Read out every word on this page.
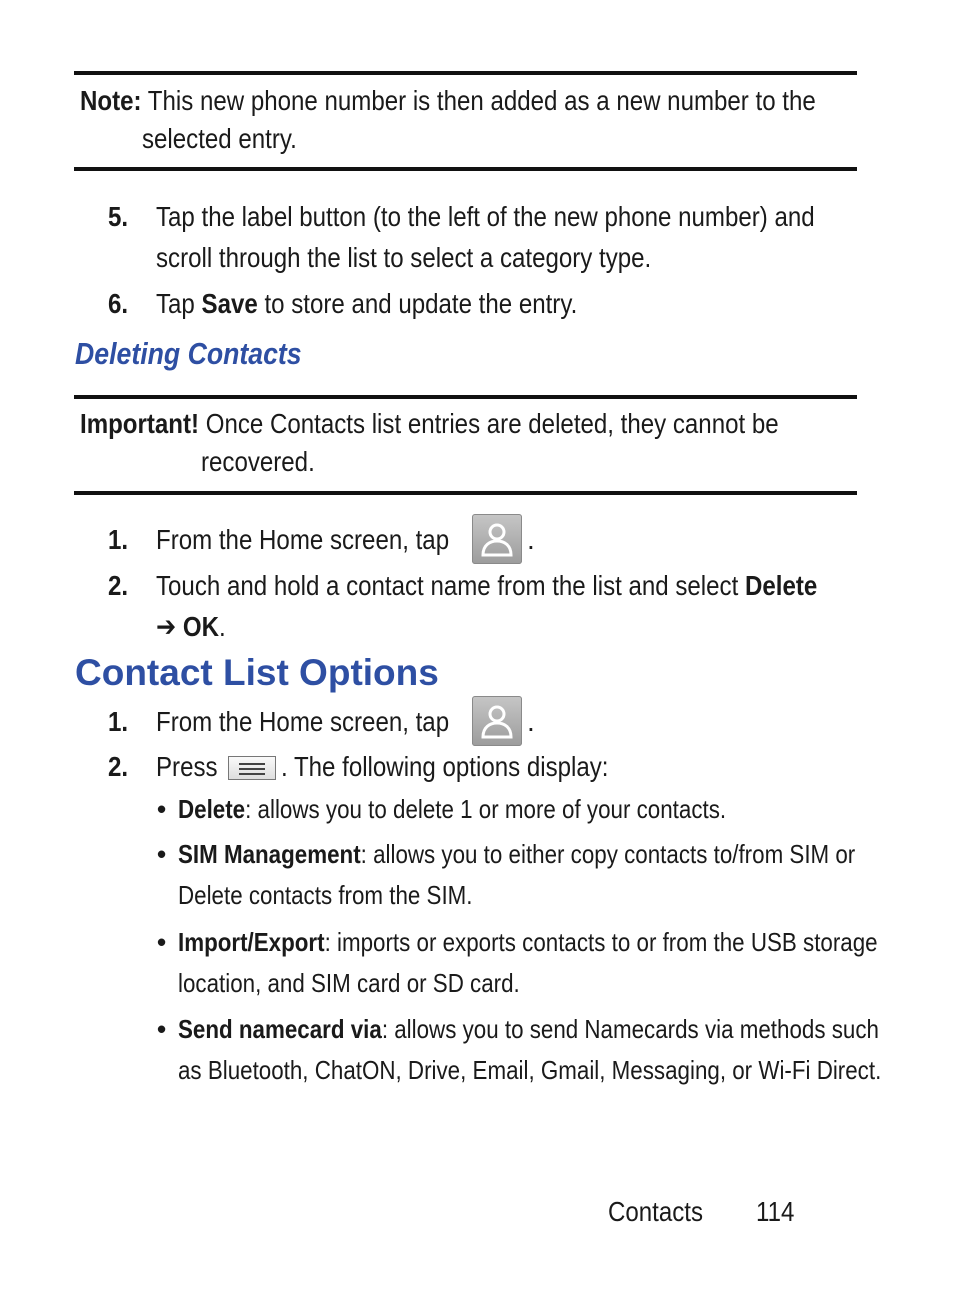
Note: This new phone number is then added as a new number to the

selected entry.
5. Tap the label button (to the left of the new phone number) and
scroll through the list to select a category type.
6. Tap Save to store and update the entry.
Deleting Contacts
Important! Once Contacts list entries are deleted, they cannot be

recovered.
1. From the Home screen, tap	.
2. Touch and hold a contact name from the list and select Delete
➔ OK.
Contact List Options
1. From the Home screen, tap	.
2. Press . The following options display:
• Delete: allows you to delete 1 or more of your contacts.
• SIM Management: allows you to either copy contacts to/from SIM or
Delete contacts from the SIM.
• Import/Export: imports or exports contacts to or from the USB storage
location, and SIM card or SD card.
• Send namecard via: allows you to send Namecards via methods such
as Bluetooth, ChatON, Drive, Email, Gmail, Messaging, or Wi-Fi Direct.
Contacts	114
